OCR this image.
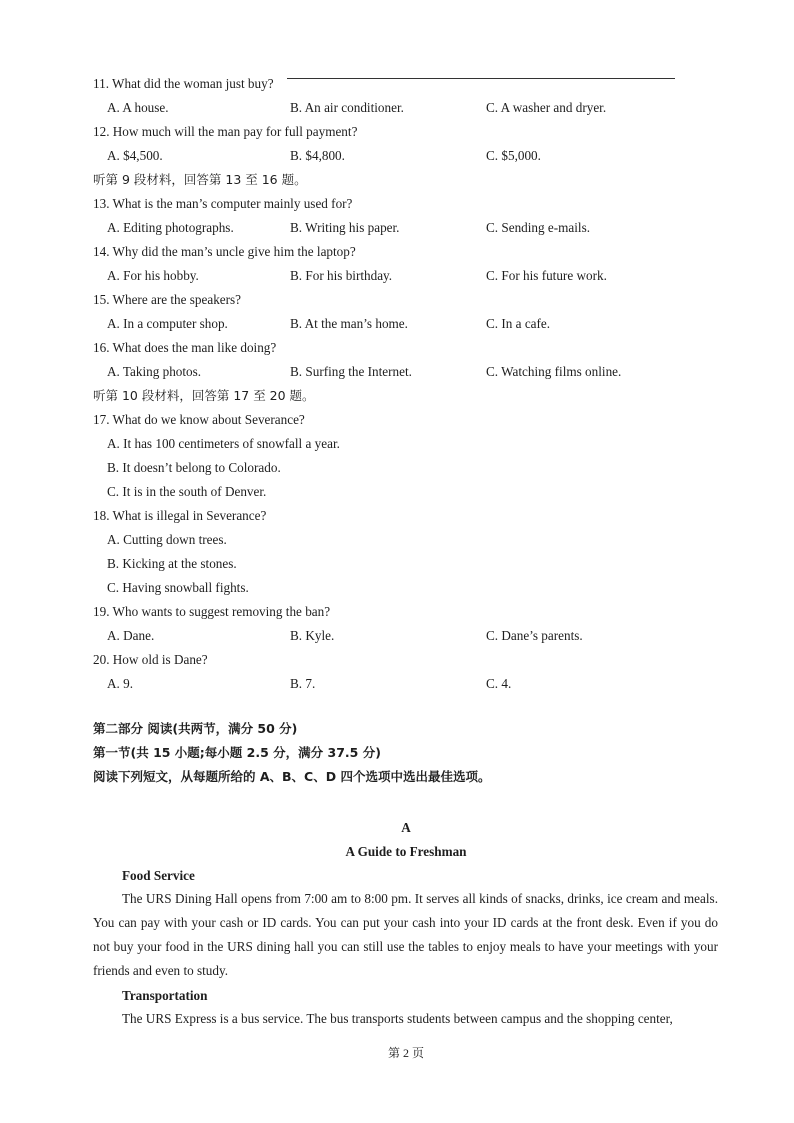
11. What did the woman just buy?
A. A house.	B. An air conditioner.	C. A washer and dryer.
12. How much will the man pay for full payment?
A. $4,500.	B. $4,800.	C. $5,000.
听第 9 段材料，回答第 13 至 16 题。
13. What is the man’s computer mainly used for?
A. Editing photographs.	B. Writing his paper.	C. Sending e-mails.
14. Why did the man’s uncle give him the laptop?
A. For his hobby.	B. For his birthday.	C. For his future work.
15. Where are the speakers?
A. In a computer shop.	B. At the man’s home.	C. In a cafe.
16. What does the man like doing?
A. Taking photos.	B. Surfing the Internet.	C. Watching films online.
听第 10 段材料，回答第 17 至 20 题。
17. What do we know about Severance?
A. It has 100 centimeters of snowfall a year.
B. It doesn’t belong to Colorado.
C. It is in the south of Denver.
18. What is illegal in Severance?
A. Cutting down trees.
B. Kicking at the stones.
C. Having snowball fights.
19. Who wants to suggest removing the ban?
A. Dane.	B. Kyle.	C. Dane’s parents.
20. How old is Dane?
A. 9.	B. 7.	C. 4.
第二部分 阅读(共两节，满分 50 分)
第一节(共 15 小题;每小题 2.5 分，满分 37.5 分)
阅读下列短文，从每题所给的 A、B、C、D 四个选项中选出最佳选项。
A
A Guide to Freshman
Food Service
The URS Dining Hall opens from 7:00 am to 8:00 pm. It serves all kinds of snacks, drinks, ice cream and meals. You can pay with your cash or ID cards. You can put your cash into your ID cards at the front desk. Even if you do not buy your food in the URS dining hall you can still use the tables to enjoy meals to have your meetings with your friends and even to study.
Transportation
The URS Express is a bus service. The bus transports students between campus and the shopping center,
第 2 页
